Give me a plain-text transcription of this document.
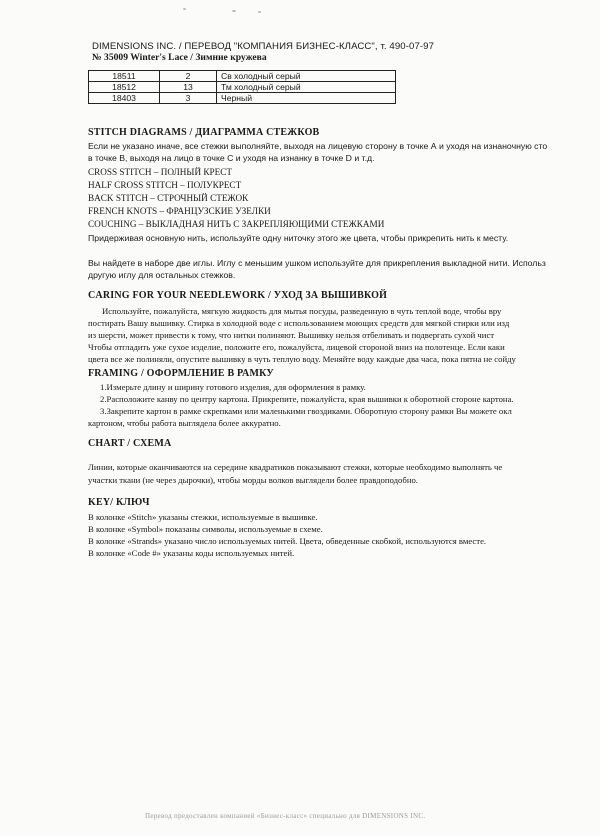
DIMENSIONS INC. / ПЕРЕВОД "КОМПАНИЯ БИЗНЕС-КЛАСС", т. 490-07-97
№ 35009 Winter's Lace / Зимние кружева
18511	2	Св холодный серый
18512	13	Тм холодный серый
18403	3	Черный
STITCH DIAGRAMS / ДИАГРАММА СТЕЖКОВ
Если не указано иначе, все стежки выполняйте, выходя на лицевую сторону в точке А и уходя на изнаночную сто
в точке В, выходя на лицо в точке С и уходя на изнанку в точке D и т.д.
CROSS STITCH – ПОЛНЫЙ КРЕСТ
HALF CROSS STITCH – ПОЛУКРЕСТ
BACK STITCH – СТРОЧНЫЙ СТЕЖОК
FRENCH KNOTS – ФРАНЦУЗСКИЕ УЗЕЛКИ
COUCHING – ВЫКЛАДНАЯ НИТЬ С ЗАКРЕПЛЯЮЩИМИ СТЕЖКАМИ
Придерживая основную нить, используйте одну ниточку этого же цвета, чтобы прикрепить нить к месту.
Вы найдете в наборе две иглы. Иглу с меньшим ушком используйте для прикрепления выкладной нити. Использ
другую иглу для остальных стежков.
CARING FOR YOUR NEEDLEWORK / УХОД ЗА ВЫШИВКОЙ
Используйте, пожалуйста, мягкую жидкость для мытья посуды, разведенную в чуть теплой воде, чтобы вру
постирать Вашу вышивку. Стирка в холодной воде с использованием моющих средств для мягкой стирки или изд
из шерсти, может привести к тому, что нитки полиняют. Вышивку нельзя отбеливать и подвергать сухой чист
Чтобы отгладить уже сухое изделие, положите его, пожалуйста, лицевой стороной вниз на полотенце. Если каки
цвета все же полиняли, опустите вышивку в чуть теплую воду. Меняйте воду каждые два часа, пока пятна не сойду
FRAMING / ОФОРМЛЕНИЕ В РАМКУ
1.Измерьте длину и ширину готового изделия, для оформления в рамку.
2.Расположите канву по центру картона. Прикрепите, пожалуйста, края вышивки к оборотной стороне картона.
3.Закрепите картон в рамке скрепками или маленькими гвоздиками. Оборотную сторону рамки Вы можете окл
картоном, чтобы работа выглядела более аккуратно.
CHART / СХЕМА
Линии, которые оканчиваются на середине квадратиков показывают стежки, которые необходимо выполнять че
участки ткани (не через дырочки), чтобы морды волков выглядели более правдоподобно.
KEY/ КЛЮЧ
В колонке «Stitch» указаны стежки, используемые в вышивке.
В колонке «Symbol» показаны символы, используемые в схеме.
В колонке «Strands» указано число используемых нитей. Цвета, обведенные скобкой, используются вместе.
В колонке «Code #» указаны коды используемых нитей.
Перевод предоставлен компанией «Бизнес-класс» специально для DIMENSIONS INC.
